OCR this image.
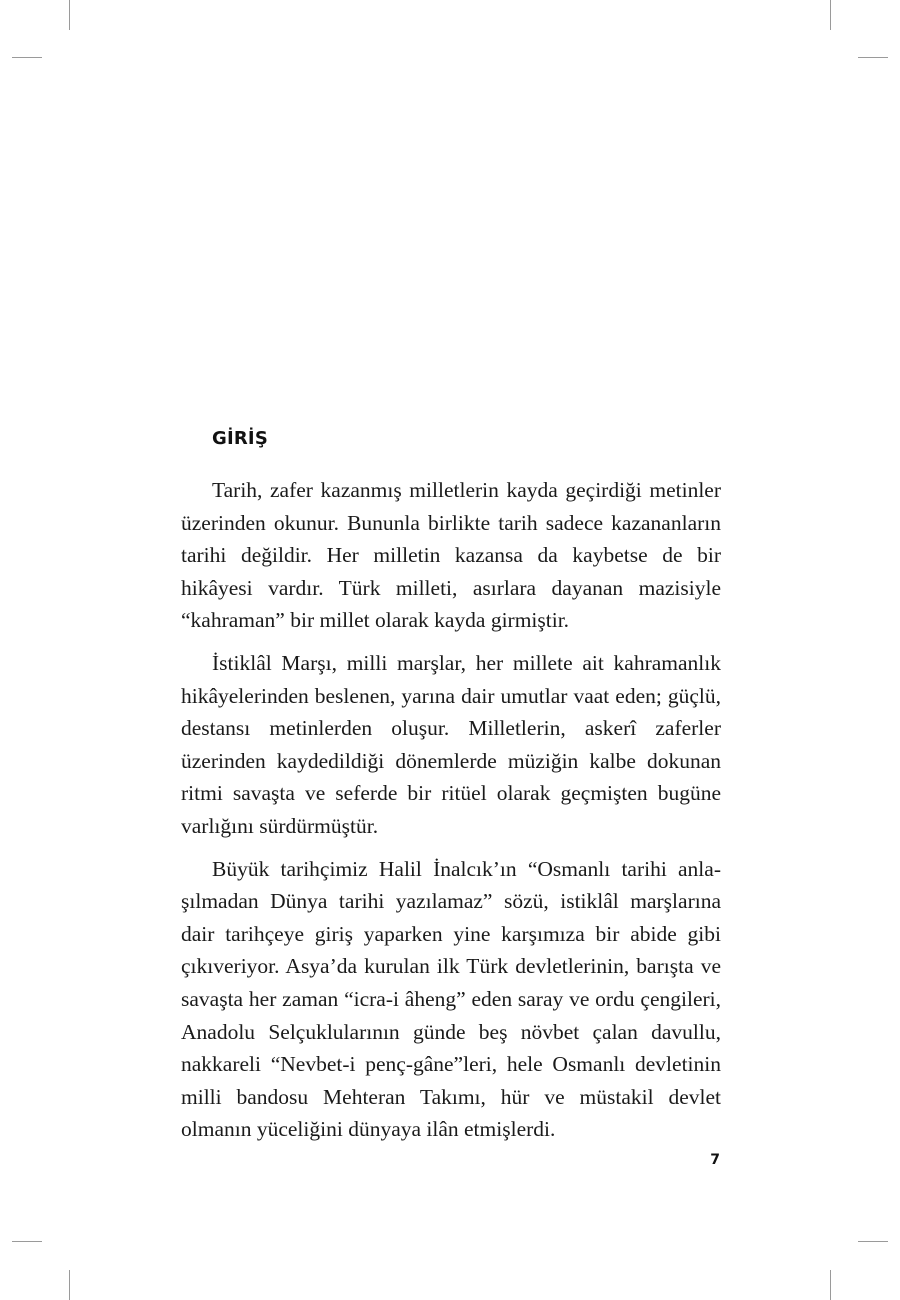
GİRİŞ

Tarih, zafer kazanmış milletlerin kayda geçirdiği metinler üzerinden okunur. Bununla birlikte tarih sadece kazananların tarihi değildir. Her milletin kazansa da kaybetse de bir hikâyesi vardır. Türk milleti, asırlara dayanan mazisiyle “kahraman” bir millet olarak kayda girmiştir.

İstiklâl Marşı, milli marşlar, her millete ait kahramanlık hikâyelerinden beslenen, yarına dair umutlar vaat eden; güçlü, destansı metinlerden oluşur. Milletlerin, askerî zaferler üzerinden kaydedildiği dönemlerde müziğin kalbe dokunan ritmi savaşta ve seferde bir ritüel olarak geçmişten bugüne varlığını sürdürmüştür.

Büyük tarihçimiz Halil İnalcık’ın “Osmanlı tarihi anlaşılmadan Dünya tarihi yazılamaz” sözü, istiklâl marşlarına dair tarihçeye giriş yaparken yine karşımıza bir abide gibi çıkıveriyor. Asya’da kurulan ilk Türk devletlerinin, barışta ve savaşta her zaman “icra-i âheng” eden saray ve ordu çengileri, Anadolu Selçuklularının günde beş növbet çalan davullu, nakkareli “Nevbet-i penç-gâne”leri, hele Osmanlı devletinin milli bandosu Mehteran Takımı, hür ve müstakil devlet olmanın yüceliğini dünyaya ilân etmişlerdi.

7
